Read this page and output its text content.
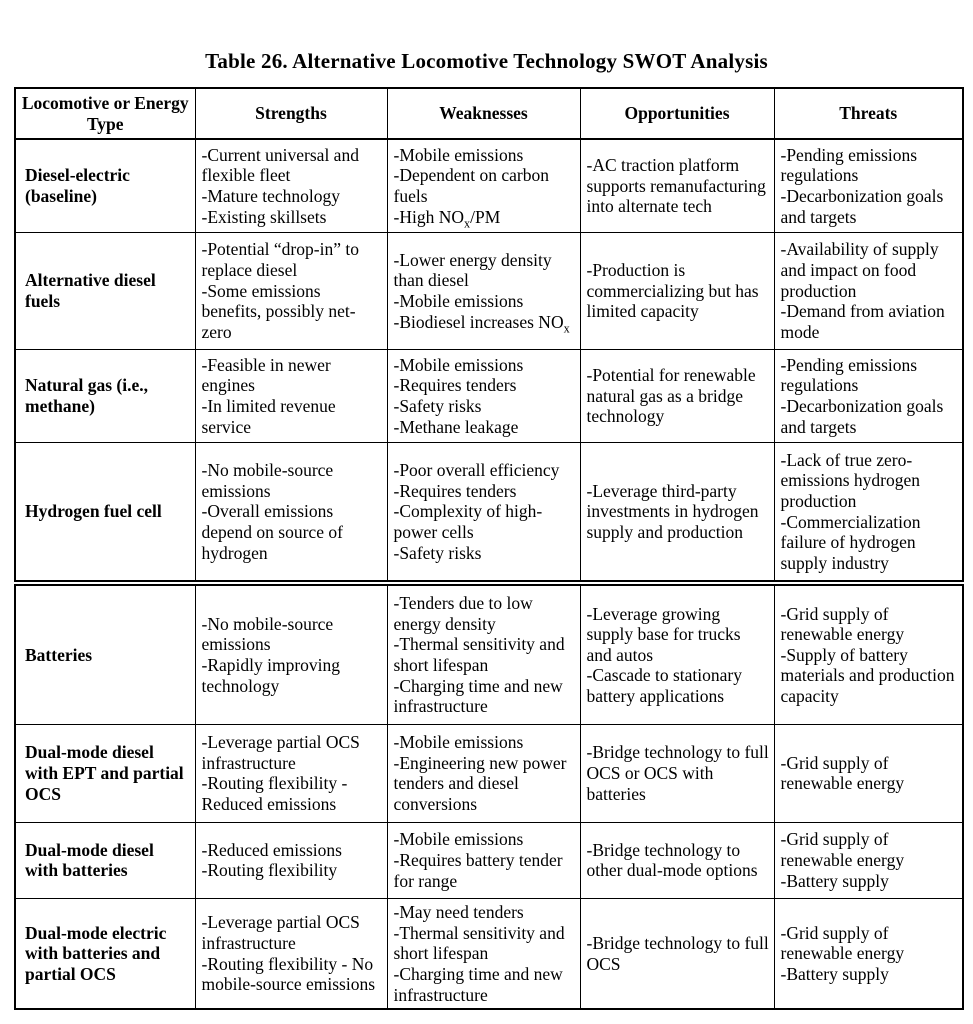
Table 26. Alternative Locomotive Technology SWOT Analysis
Locomotive or Energy Type	Strengths	Weaknesses	Opportunities	Threats
Diesel-electric (baseline)	-Current universal and flexible fleet
-Mature technology
-Existing skillsets	-Mobile emissions
-Dependent on carbon fuels
-High $NO_x/PM$	-AC traction platform supports remanufacturing into alternate tech	-Pending emissions regulations
-Decarbonization goals and targets

Alternative diesel fuels	-Potential “drop-in” to replace diesel
-Some emissions benefits, possibly net-zero	-Lower energy density than diesel
-Mobile emissions
-Biodiesel increases $NO_x$	-Production is commercializing but has limited capacity	-Availability of supply and impact on food production
-Demand from aviation mode

Natural gas (i.e., methane)	-Feasible in newer engines
-In limited revenue service	-Mobile emissions
-Requires tenders
-Safety risks
-Methane leakage	-Potential for renewable natural gas as a bridge technology	-Pending emissions regulations
-Decarbonization goals and targets

Hydrogen fuel cell	-No mobile-source emissions
-Overall emissions depend on source of hydrogen	-Poor overall efficiency
-Requires tenders
-Complexity of high-power cells
-Safety risks	-Leverage third-party investments in hydrogen supply and production	-Lack of true zero-emissions hydrogen production
-Commercialization failure of hydrogen supply industry

Batteries	-No mobile-source emissions
-Rapidly improving technology	-Tenders due to low energy density
-Thermal sensitivity and short lifespan
-Charging time and new infrastructure	-Leverage growing supply base for trucks and autos
-Cascade to stationary battery applications	-Grid supply of renewable energy
-Supply of battery materials and production capacity

Dual-mode diesel with EPT and partial OCS	-Leverage partial OCS infrastructure
-Routing flexibility - Reduced emissions	-Mobile emissions
-Engineering new power tenders and diesel conversions	-Bridge technology to full OCS or OCS with batteries	-Grid supply of renewable energy

Dual-mode diesel with batteries	-Reduced emissions
-Routing flexibility	-Mobile emissions
-Requires battery tender for range	-Bridge technology to other dual-mode options	-Grid supply of renewable energy
-Battery supply

Dual-mode electric with batteries and partial OCS	-Leverage partial OCS infrastructure
-Routing flexibility - No mobile-source emissions	-May need tenders
-Thermal sensitivity and short lifespan
-Charging time and new infrastructure	-Bridge technology to full OCS	-Grid supply of renewable energy
-Battery supply
